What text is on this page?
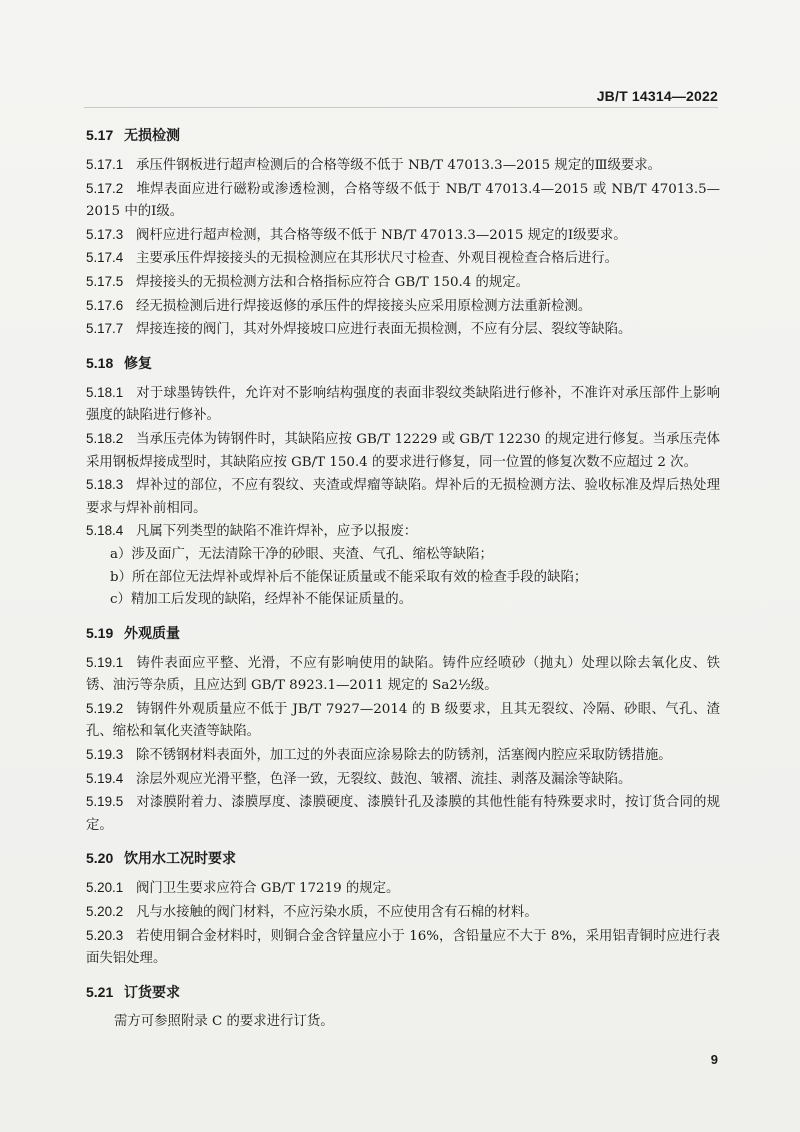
JB/T 14314—2022
5.17 无损检测

5.17.1 承压件钢板进行超声检测后的合格等级不低于 NB/T 47013.3—2015 规定的Ⅲ级要求。

5.17.2 堆焊表面应进行磁粉或渗透检测，合格等级不低于 NB/T 47013.4—2015 或 NB/T 47013.5—2015 中的Ⅰ级。

5.17.3 阀杆应进行超声检测，其合格等级不低于 NB/T 47013.3—2015 规定的Ⅰ级要求。

5.17.4 主要承压件焊接接头的无损检测应在其形状尺寸检查、外观目视检查合格后进行。

5.17.5 焊接接头的无损检测方法和合格指标应符合 GB/T 150.4 的规定。

5.17.6 经无损检测后进行焊接返修的承压件的焊接接头应采用原检测方法重新检测。

5.17.7 焊接连接的阀门，其对外焊接坡口应进行表面无损检测，不应有分层、裂纹等缺陷。

5.18 修复

5.18.1 对于球墨铸铁件，允许对不影响结构强度的表面非裂纹类缺陷进行修补，不准许对承压部件上影响强度的缺陷进行修补。

5.18.2 当承压壳体为铸钢件时，其缺陷应按 GB/T 12229 或 GB/T 12230 的规定进行修复。当承压壳体采用钢板焊接成型时，其缺陷应按 GB/T 150.4 的要求进行修复，同一位置的修复次数不应超过 2 次。

5.18.3 焊补过的部位，不应有裂纹、夹渣或焊瘤等缺陷。焊补后的无损检测方法、验收标准及焊后热处理要求与焊补前相同。

5.18.4 凡属下列类型的缺陷不准许焊补，应予以报废：

a）涉及面广，无法清除干净的砂眼、夹渣、气孔、缩松等缺陷；

b）所在部位无法焊补或焊补后不能保证质量或不能采取有效的检查手段的缺陷；

c）精加工后发现的缺陷，经焊补不能保证质量的。

5.19 外观质量

5.19.1 铸件表面应平整、光滑，不应有影响使用的缺陷。铸件应经喷砂（抛丸）处理以除去氧化皮、铁锈、油污等杂质，且应达到 GB/T 8923.1—2011 规定的 Sa2½级。

5.19.2 铸钢件外观质量应不低于 JB/T 7927—2014 的 B 级要求，且其无裂纹、冷隔、砂眼、气孔、渣孔、缩松和氧化夹渣等缺陷。

5.19.3 除不锈钢材料表面外，加工过的外表面应涂易除去的防锈剂，活塞阀内腔应采取防锈措施。

5.19.4 涂层外观应光滑平整，色泽一致，无裂纹、鼓泡、皱褶、流挂、剥落及漏涂等缺陷。

5.19.5 对漆膜附着力、漆膜厚度、漆膜硬度、漆膜针孔及漆膜的其他性能有特殊要求时，按订货合同的规定。

5.20 饮用水工况时要求

5.20.1 阀门卫生要求应符合 GB/T 17219 的规定。

5.20.2 凡与水接触的阀门材料，不应污染水质，不应使用含有石棉的材料。

5.20.3 若使用铜合金材料时，则铜合金含锌量应小于 16%，含铅量应不大于 8%，采用铝青铜时应进行表面失铝处理。

5.21 订货要求

需方可参照附录 C 的要求进行订货。

9
